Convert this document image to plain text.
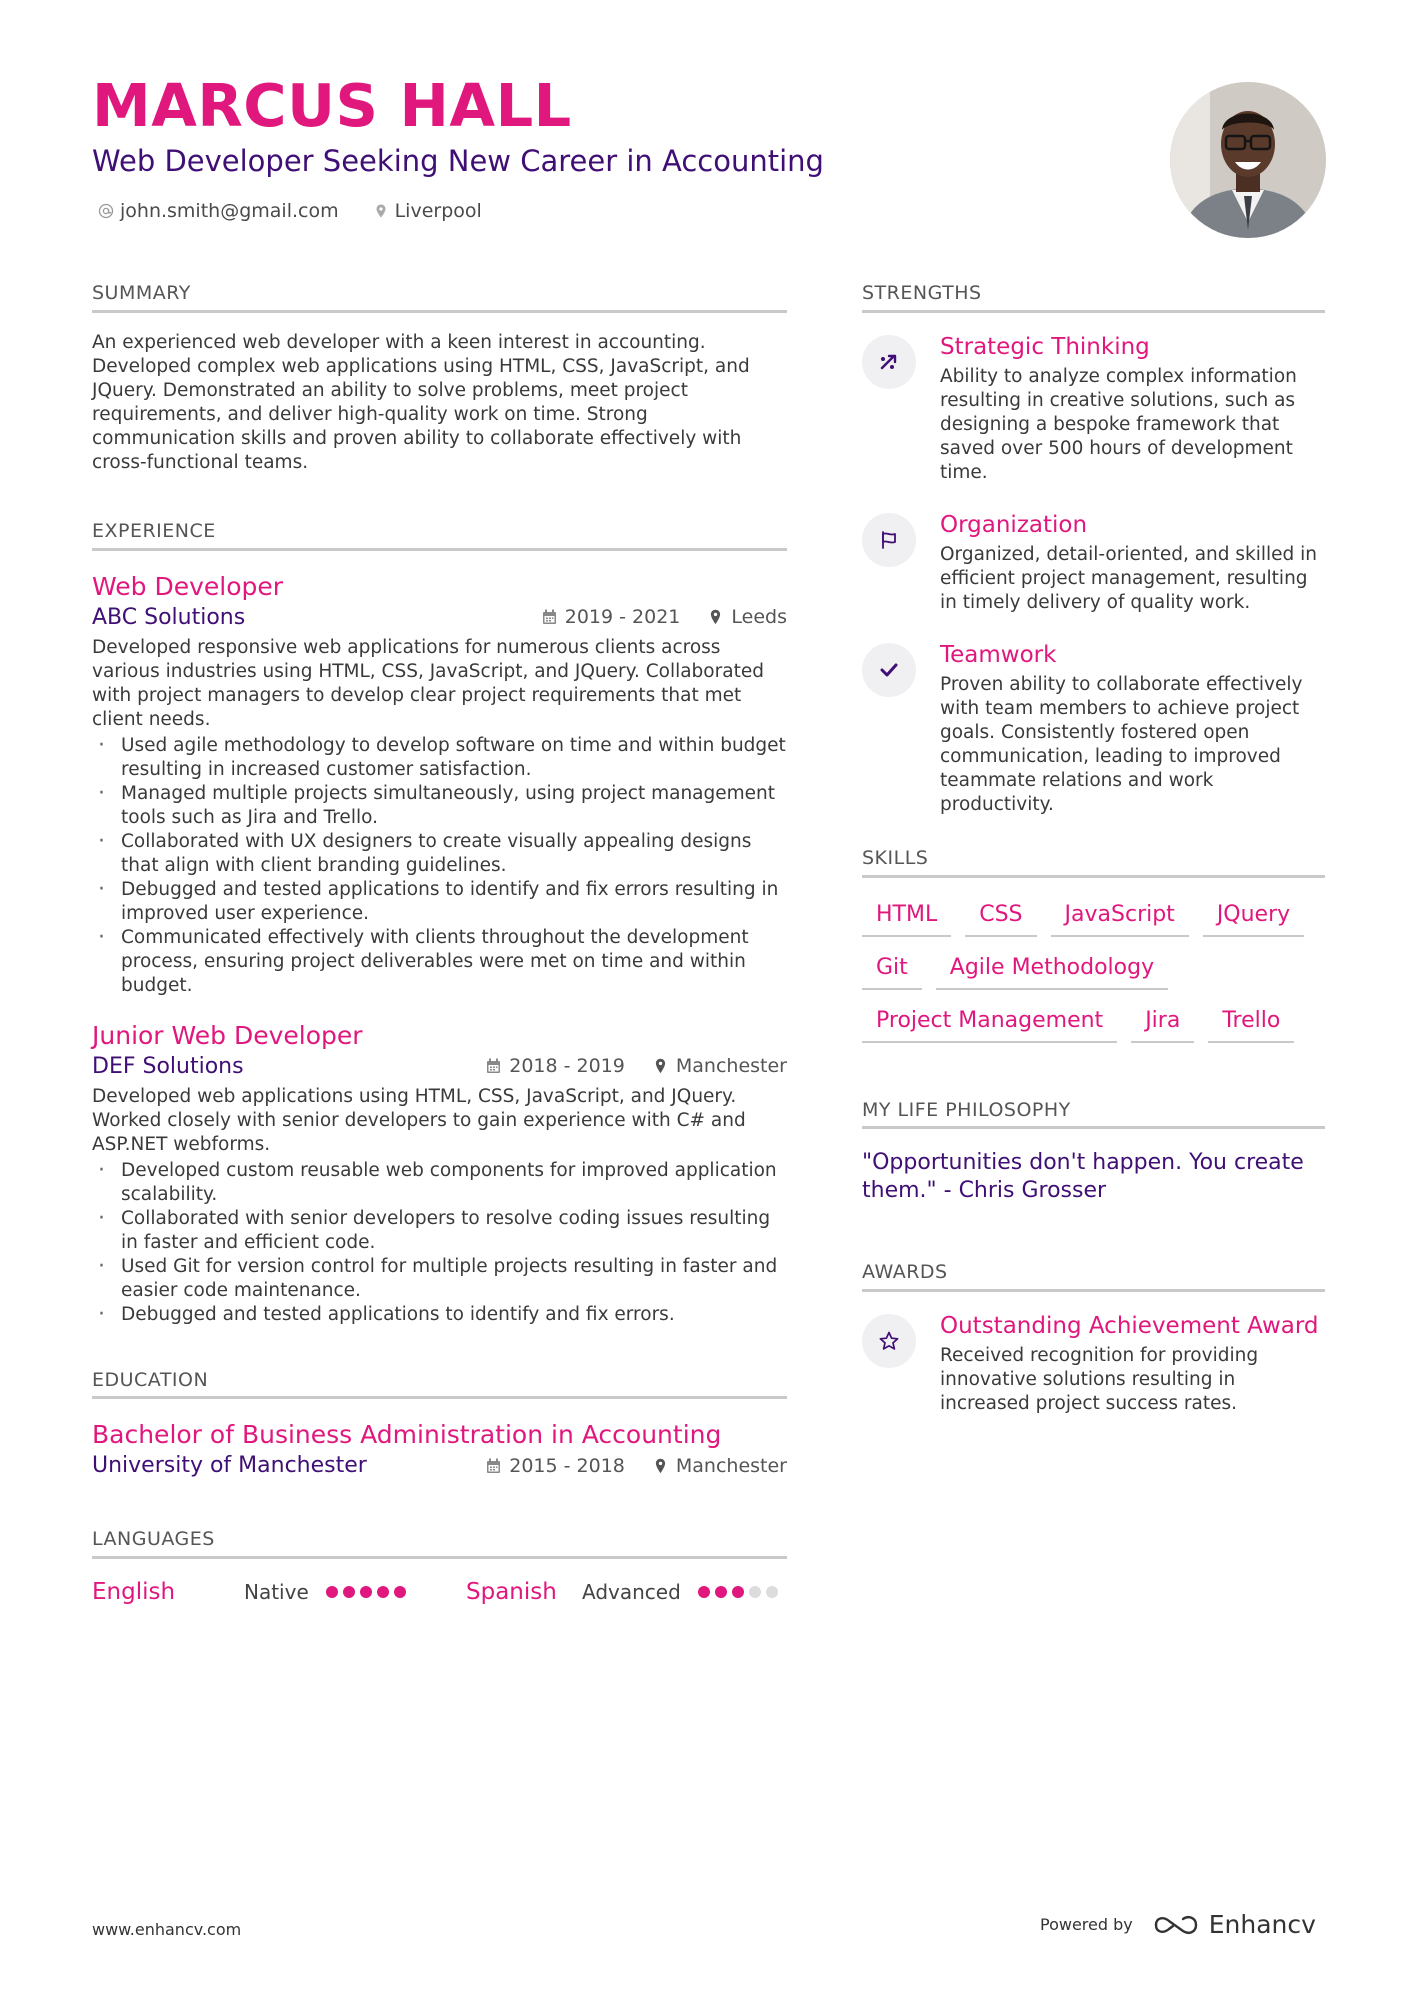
MARCUS HALL
Web Developer Seeking New Career in Accounting
john.smith@gmail.com	Liverpool
SUMMARY

An experienced web developer with a keen interest in accounting. Developed complex web applications using HTML, CSS, JavaScript, and JQuery. Demonstrated an ability to solve problems, meet project requirements, and deliver high-quality work on time. Strong communication skills and proven ability to collaborate effectively with cross-functional teams.

EXPERIENCE
Web Developer
ABC Solutions	2019 - 2021	Leeds

Developed responsive web applications for numerous clients across various industries using HTML, CSS, JavaScript, and JQuery. Collaborated with project managers to develop clear project requirements that met client needs.

· Used agile methodology to develop software on time and within budget resulting in increased customer satisfaction.
· Managed multiple projects simultaneously, using project management tools such as Jira and Trello.
· Collaborated with UX designers to create visually appealing designs that align with client branding guidelines.
· Debugged and tested applications to identify and fix errors resulting in improved user experience.
· Communicated effectively with clients throughout the development process, ensuring project deliverables were met on time and within budget.
Junior Web Developer
DEF Solutions	2018 - 2019	Manchester

Developed web applications using HTML, CSS, JavaScript, and JQuery. Worked closely with senior developers to gain experience with C# and ASP.NET webforms.

· Developed custom reusable web components for improved application scalability.
· Collaborated with senior developers to resolve coding issues resulting in faster and efficient code.
· Used Git for version control for multiple projects resulting in faster and easier code maintenance.
· Debugged and tested applications to identify and fix errors.
EDUCATION
Bachelor of Business Administration in Accounting
University of Manchester	2015 - 2018	Manchester
LANGUAGES
English	Native	Spanish	Advanced
STRENGTHS
Strategic Thinking

Ability to analyze complex information resulting in creative solutions, such as designing a bespoke framework that saved over 500 hours of development time.

Organization

Organized, detail-oriented, and skilled in efficient project management, resulting in timely delivery of quality work.

Teamwork

Proven ability to collaborate effectively with team members to achieve project goals. Consistently fostered open communication, leading to improved teammate relations and work productivity.

SKILLS
HTML	CSS	JavaScript	JQuery
Git	Agile Methodology
Project Management	Jira	Trello
MY LIFE PHILOSOPHY

"Opportunities don't happen. You create them." - Chris Grosser

AWARDS
Outstanding Achievement Award

Received recognition for providing innovative solutions resulting in increased project success rates.

www.enhancv.com	Powered by	Enhancv
